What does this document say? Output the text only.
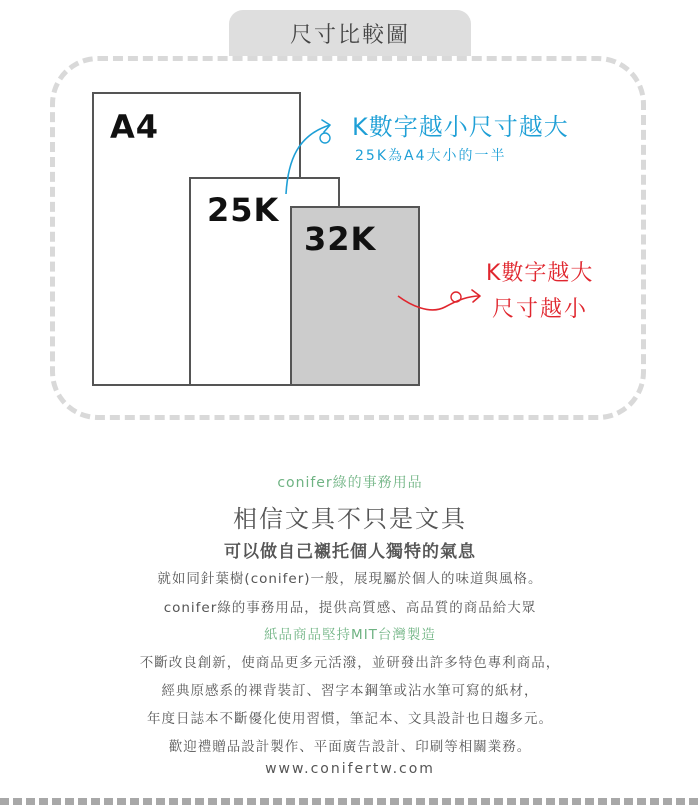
尺寸比較圖
A4
25K
32K
K數字越小尺寸越大
25K為A4大小的一半
K數字越大
尺寸越小
conifer綠的事務用品
相信文具不只是文具
可以做自己襯托個人獨特的氣息
就如同針葉樹(conifer)一般，展現屬於個人的味道與風格。
conifer綠的事務用品，提供高質感、高品質的商品給大眾
紙品商品堅持MIT台灣製造
不斷改良創新，使商品更多元活潑，並研發出許多特色專利商品，
經典原感系的裸背裝訂、習字本鋼筆或沾水筆可寫的紙材，
年度日誌本不斷優化使用習慣，筆記本、文具設計也日趨多元。
歡迎禮贈品設計製作、平面廣告設計、印刷等相關業務。
www.conifertw.com
